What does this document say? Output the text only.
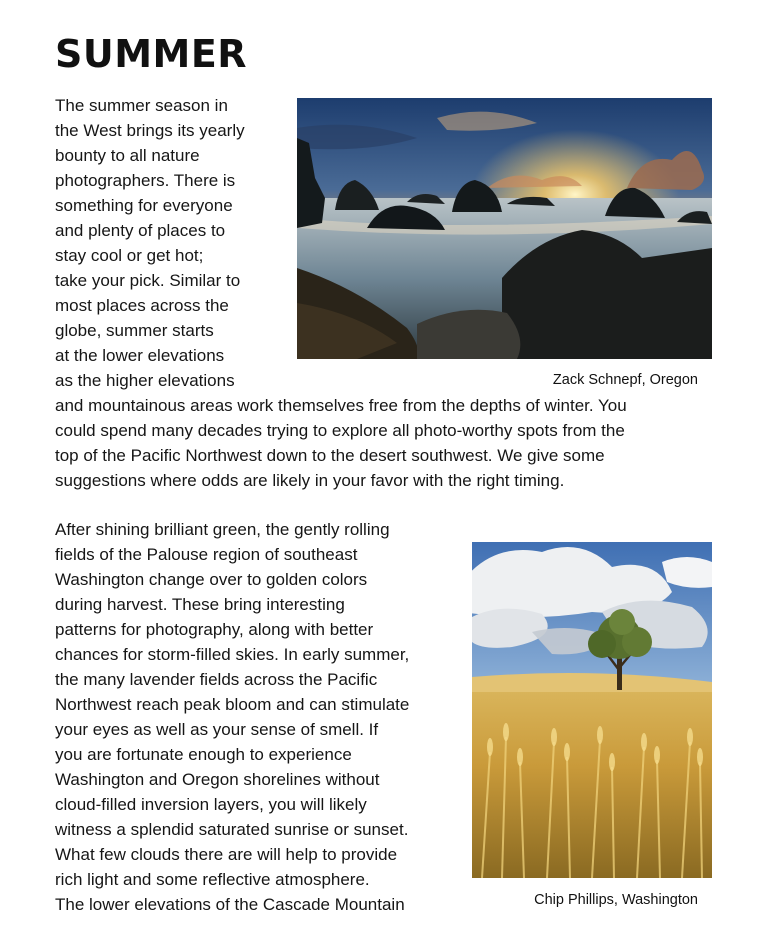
SUMMER
The summer season in
the West brings its yearly
bounty to all nature
photographers. There is
something for everyone
and plenty of places to
stay cool or get hot;
take your pick. Similar to
most places across the
globe, summer starts
at the lower elevations
as the higher elevations
and mountainous areas work themselves free from the depths of winter. You
could spend many decades trying to explore all photo-worthy spots from the
top of the Pacific Northwest down to the desert southwest. We give some
suggestions where odds are likely in your favor with the right timing.
Zack Schnepf, Oregon
After shining brilliant green, the gently rolling
fields of the Palouse region of southeast
Washington change over to golden colors
during harvest. These bring interesting
patterns for photography, along with better
chances for storm-filled skies. In early summer,
the many lavender fields across the Pacific
Northwest reach peak bloom and can stimulate
your eyes as well as your sense of smell. If
you are fortunate enough to experience
Washington and Oregon shorelines without
cloud-filled inversion layers, you will likely
witness a splendid saturated sunrise or sunset.
What few clouds there are will help to provide
rich light and some reflective atmosphere.
The lower elevations of the Cascade Mountain	Chip Phillips, Washington
